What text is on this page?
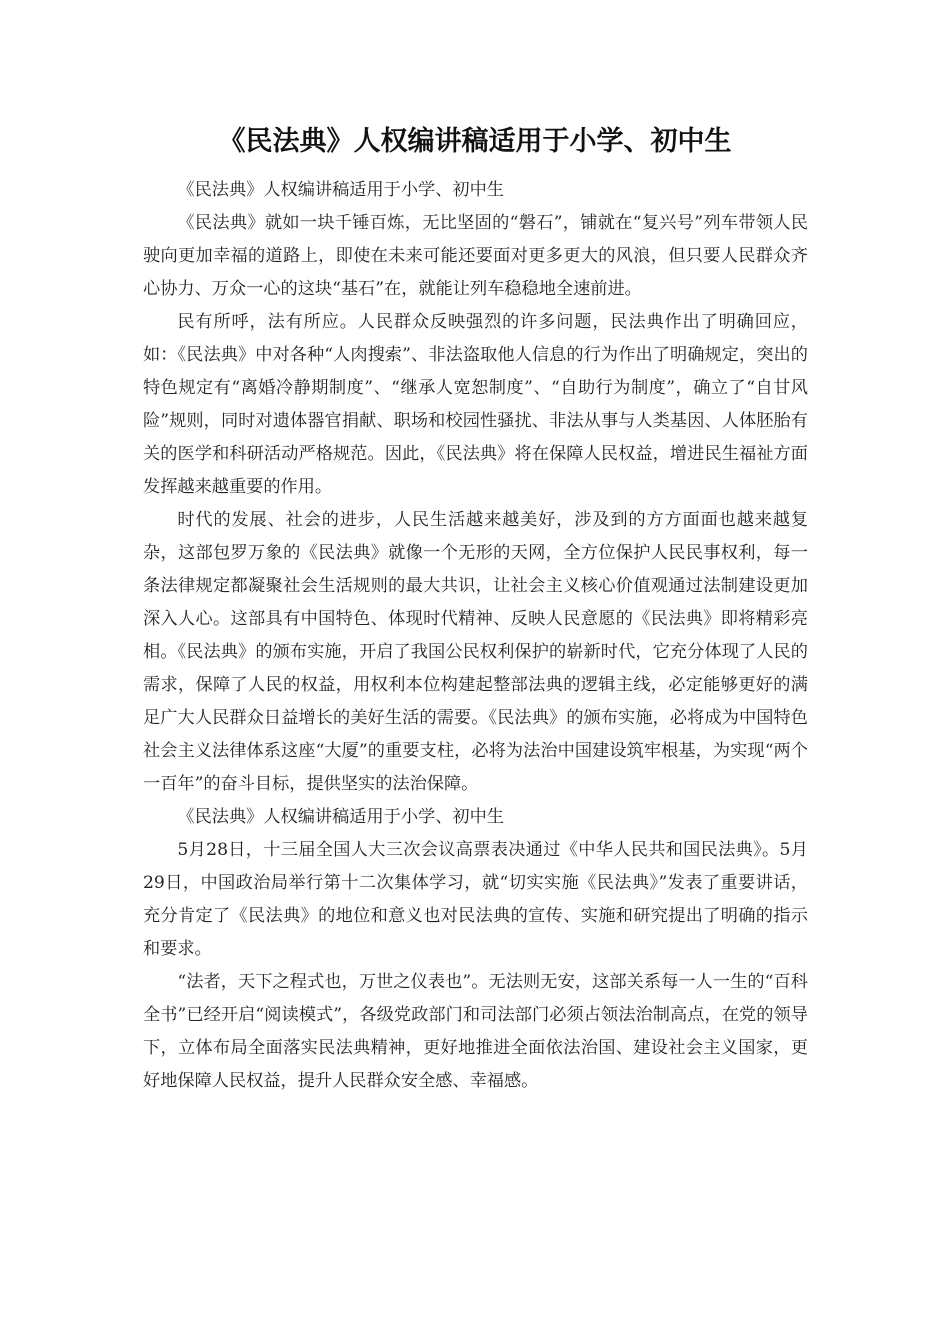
《民法典》人权编讲稿适用于小学、初中生

《民法典》人权编讲稿适用于小学、初中生

《民法典》就如一块千锤百炼，无比坚固的“磐石”，铺就在“复兴号”列车带领人民驶向更加幸福的道路上，即使在未来可能还要面对更多更大的风浪，但只要人民群众齐心协力、万众一心的这块“基石”在，就能让列车稳稳地全速前进。

民有所呼，法有所应。人民群众反映强烈的许多问题，民法典作出了明确回应，如：《民法典》中对各种“人肉搜索”、非法盗取他人信息的行为作出了明确规定，突出的特色规定有“离婚冷静期制度”、“继承人宽恕制度”、“自助行为制度”，确立了“自甘风险”规则，同时对遗体器官捐献、职场和校园性骚扰、非法从事与人类基因、人体胚胎有关的医学和科研活动严格规范。因此，《民法典》将在保障人民权益，增进民生福祉方面发挥越来越重要的作用。

时代的发展、社会的进步，人民生活越来越美好，涉及到的方方面面也越来越复杂，这部包罗万象的《民法典》就像一个无形的天网，全方位保护人民民事权利，每一条法律规定都凝聚社会生活规则的最大共识，让社会主义核心价值观通过法制建设更加深入人心。这部具有中国特色、体现时代精神、反映人民意愿的《民法典》即将精彩亮相。《民法典》的颁布实施，开启了我国公民权利保护的崭新时代，它充分体现了人民的需求，保障了人民的权益，用权利本位构建起整部法典的逻辑主线，必定能够更好的满足广大人民群众日益增长的美好生活的需要。《民法典》的颁布实施，必将成为中国特色社会主义法律体系这座“大厦”的重要支柱，必将为法治中国建设筑牢根基，为实现“两个一百年”的奋斗目标，提供坚实的法治保障。

《民法典》人权编讲稿适用于小学、初中生

5月28日，十三届全国人大三次会议高票表决通过《中华人民共和国民法典》。5月29日，中国政治局举行第十二次集体学习，就“切实实施《民法典》”发表了重要讲话，充分肯定了《民法典》的地位和意义也对民法典的宣传、实施和研究提出了明确的指示和要求。

“法者，天下之程式也，万世之仪表也”。无法则无安，这部关系每一人一生的“百科全书”已经开启“阅读模式”，各级党政部门和司法部门必须占领法治制高点，在党的领导下，立体布局全面落实民法典精神，更好地推进全面依法治国、建设社会主义国家，更好地保障人民权益，提升人民群众安全感、幸福感。
